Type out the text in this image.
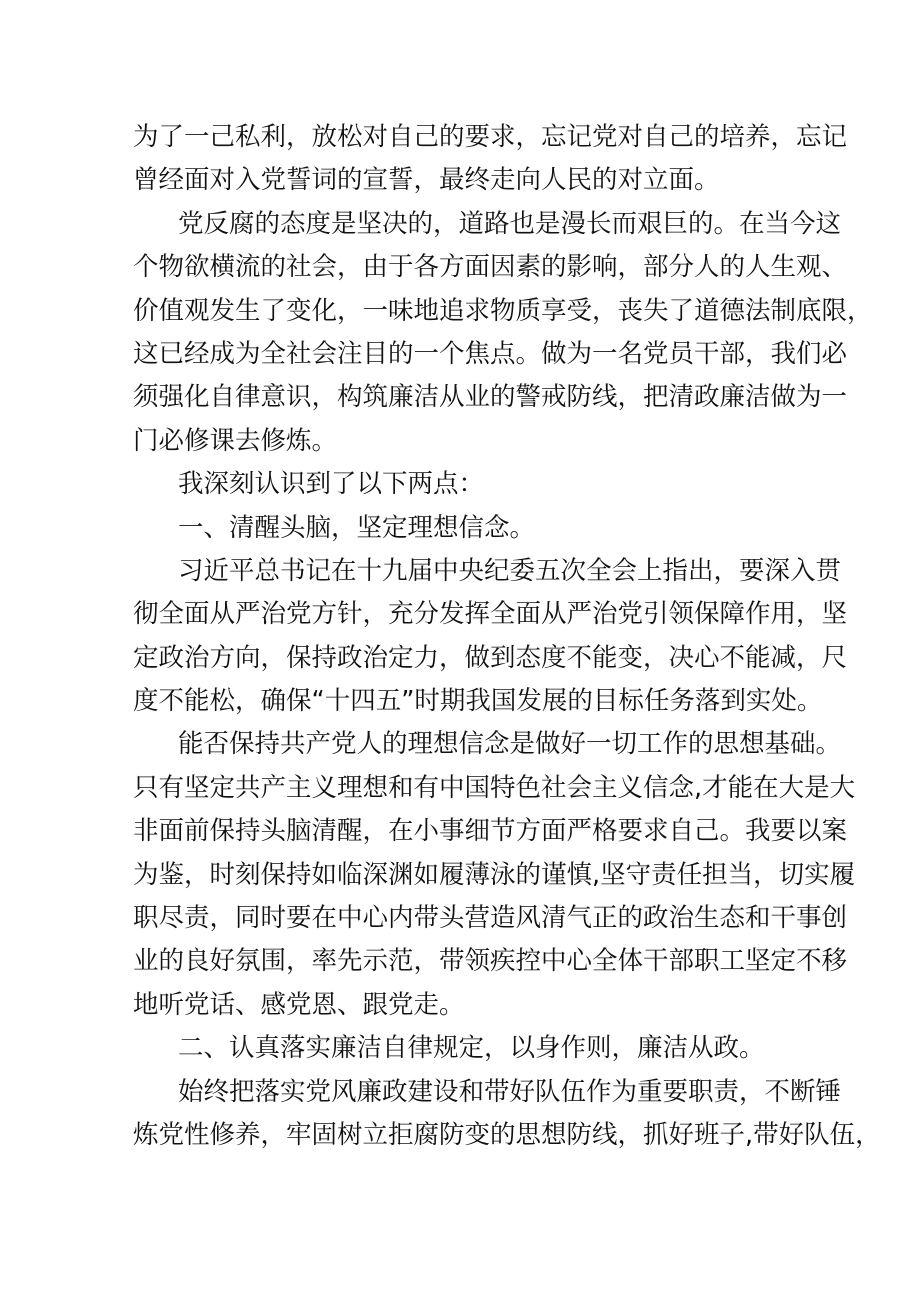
为了一己私利，放松对自己的要求，忘记党对自己的培养，忘记
曾经面对入党誓词的宣誓，最终走向人民的对立面。
党反腐的态度是坚决的，道路也是漫长而艰巨的。在当今这
个物欲横流的社会，由于各方面因素的影响，部分人的人生观、
价值观发生了变化，一味地追求物质享受，丧失了道德法制底限，
这已经成为全社会注目的一个焦点。做为一名党员干部，我们必
须强化自律意识，构筑廉洁从业的警戒防线，把清政廉洁做为一
门必修课去修炼。
我深刻认识到了以下两点：
一、清醒头脑，坚定理想信念。
习近平总书记在十九届中央纪委五次全会上指出，要深入贯
彻全面从严治党方针，充分发挥全面从严治党引领保障作用，坚
定政治方向，保持政治定力，做到态度不能变，决心不能减，尺
度不能松，确保“十四五”时期我国发展的目标任务落到实处。
能否保持共产党人的理想信念是做好一切工作的思想基础。
只有坚定共产主义理想和有中国特色社会主义信念,才能在大是大
非面前保持头脑清醒，在小事细节方面严格要求自己。我要以案
为鉴，时刻保持如临深渊如履薄泳的谨慎,坚守责任担当，切实履
职尽责，同时要在中心内带头营造风清气正的政治生态和干事创
业的良好氛围，率先示范，带领疾控中心全体干部职工坚定不移
地听党话、感党恩、跟党走。
二、认真落实廉洁自律规定，以身作则，廉洁从政。
始终把落实党风廉政建设和带好队伍作为重要职责，不断锤
炼党性修养，牢固树立拒腐防变的思想防线，抓好班子,带好队伍，
